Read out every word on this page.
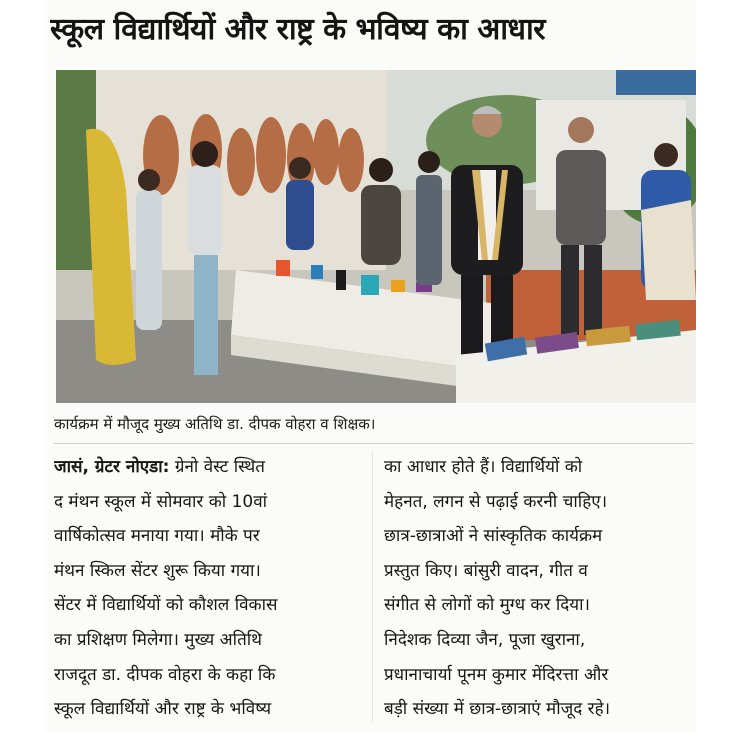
स्कूल विद्यार्थियों और राष्ट्र के भविष्य का आधार
कार्यक्रम में मौजूद मुख्य अतिथि डा. दीपक वोहरा व शिक्षक।
जासं, ग्रेटर नोएडा: ग्रेनो वेस्ट स्थित
द मंथन स्कूल में सोमवार को 10वां
वार्षिकोत्सव मनाया गया। मौके पर
मंथन स्किल सेंटर शुरू किया गया।
सेंटर में विद्यार्थियों को कौशल विकास
का प्रशिक्षण मिलेगा। मुख्य अतिथि
राजदूत डा. दीपक वोहरा के कहा कि
स्कूल विद्यार्थियों और राष्ट्र के भविष्य
का आधार होते हैं। विद्यार्थियों को
मेहनत, लगन से पढ़ाई करनी चाहिए।
छात्र-छात्राओं ने सांस्कृतिक कार्यक्रम
प्रस्तुत किए। बांसुरी वादन, गीत व
संगीत से लोगों को मुग्ध कर दिया।
निदेशक दिव्या जैन, पूजा खुराना,
प्रधानाचार्या पूनम कुमार मेंदिरत्ता और
बड़ी संख्या में छात्र-छात्राएं मौजूद रहे।
